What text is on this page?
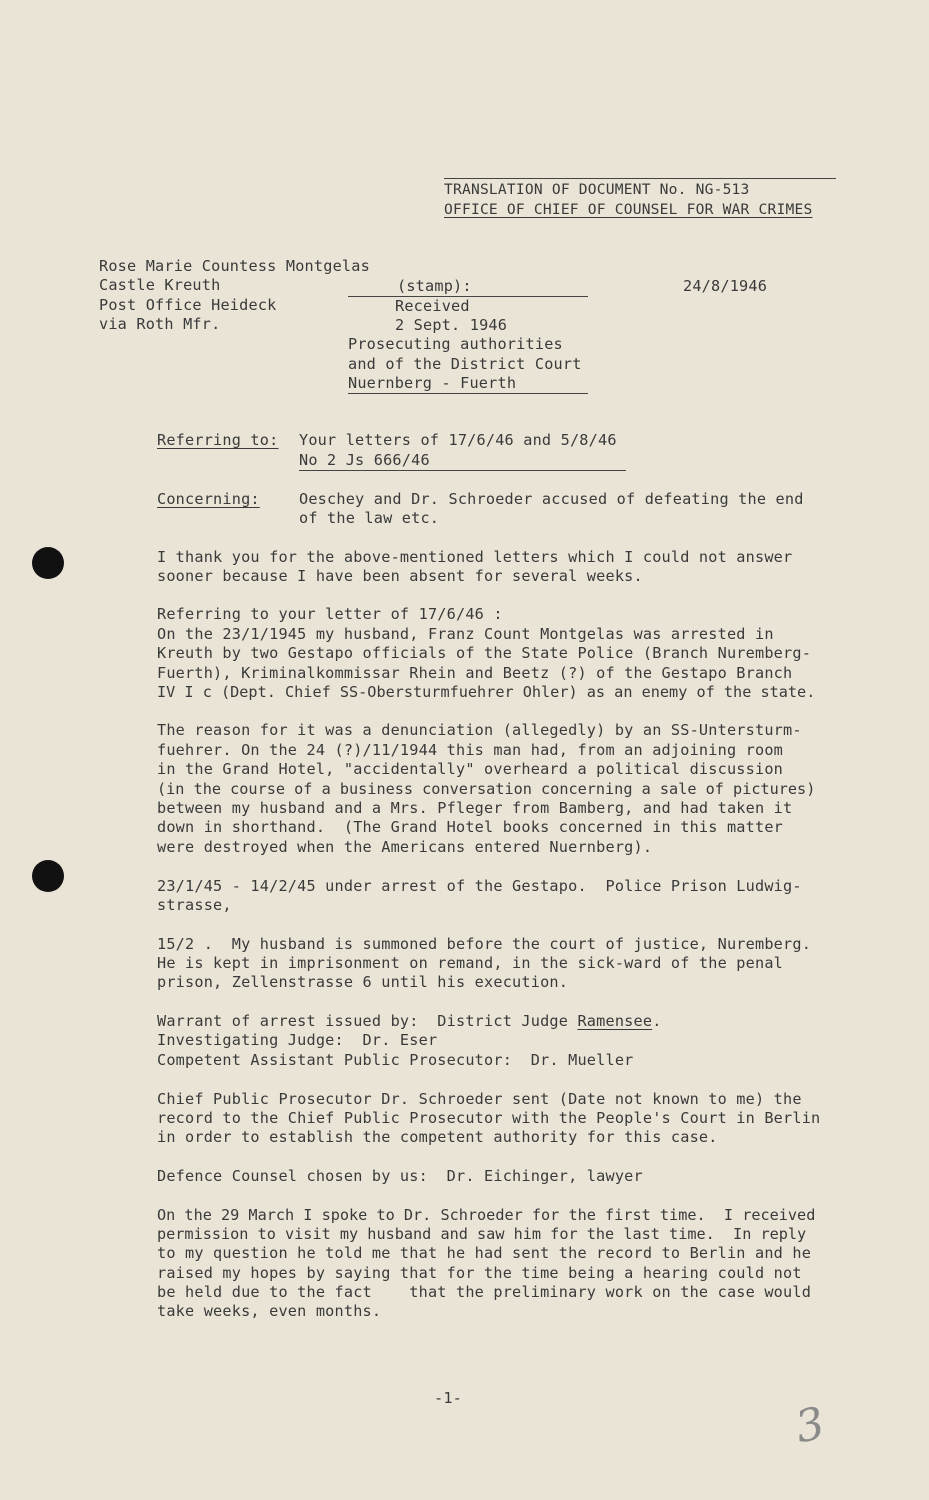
TRANSLATION OF DOCUMENT No. NG-513
OFFICE OF CHIEF OF COUNSEL FOR WAR CRIMES
Rose Marie Countess Montgelas
Castle Kreuth
Post Office Heideck
via Roth Mfr.
(stamp):
Received
2 Sept. 1946
Prosecuting authorities
and of the District Court
Nuernberg - Fuerth
24/8/1946
Referring to: Your letters of 17/6/46 and 5/8/46
No 2 Js 666/46
Concerning:	Oeschey and Dr. Schroeder accused of defeating the end
of the law etc.
I thank you for the above-mentioned letters which I could not answer
sooner because I have been absent for several weeks.
Referring to your letter of 17/6/46 :
On the 23/1/1945 my husband, Franz Count Montgelas was arrested in
Kreuth by two Gestapo officials of the State Police (Branch Nuremberg-
Fuerth), Kriminalkommissar Rhein and Beetz (?) of the Gestapo Branch
IV I c (Dept. Chief SS-Obersturmfuehrer Ohler) as an enemy of the state.
The reason for it was a denunciation (allegedly) by an SS-Untersturm-
fuehrer. On the 24 (?)/11/1944 this man had, from an adjoining room
in the Grand Hotel, "accidentally" overheard a political discussion
(in the course of a business conversation concerning a sale of pictures)
between my husband and a Mrs. Pfleger from Bamberg, and had taken it
down in shorthand.  (The Grand Hotel books concerned in this matter
were destroyed when the Americans entered Nuernberg).
23/1/45 - 14/2/45 under arrest of the Gestapo.  Police Prison Ludwig-
strasse,
15/2 .  My husband is summoned before the court of justice, Nuremberg.
He is kept in imprisonment on remand, in the sick-ward of the penal
prison, Zellenstrasse 6 until his execution.
Warrant of arrest issued by:  District Judge Ramensee.
Investigating Judge:  Dr. Eser
Competent Assistant Public Prosecutor:  Dr. Mueller
Chief Public Prosecutor Dr. Schroeder sent (Date not known to me) the
record to the Chief Public Prosecutor with the People's Court in Berlin
in order to establish the competent authority for this case.
Defence Counsel chosen by us:  Dr. Eichinger, lawyer
On the 29 March I spoke to Dr. Schroeder for the first time.  I received
permission to visit my husband and saw him for the last time.  In reply
to my question he told me that he had sent the record to Berlin and he
raised my hopes by saying that for the time being a hearing could not
be held due to the fact    that the preliminary work on the case would
take weeks, even months.
-1-	3
